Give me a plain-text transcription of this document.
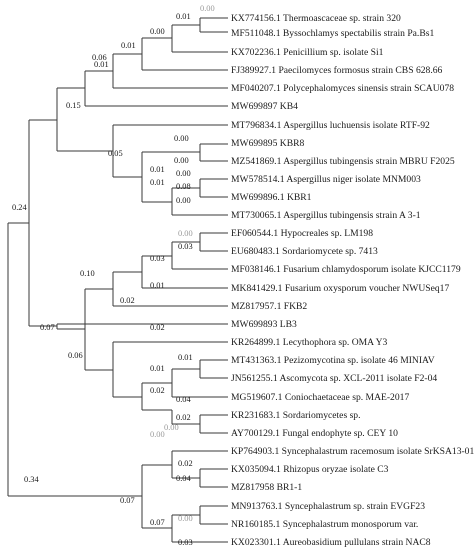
0.00
0.01
0.00
0.01
0.06
0.01
0.15
0.00
0.00
0.01
0.05
0.00
0.08
0.00
0.01
0.24
0.00
0.03
0.03
0.10
0.01
0.02
0.07	0.02
0.06	0.01
0.01
0.04
0.02
0.02
0.00
0.00
0.34
0.02
0.04
0.07
0.00
0.07
0.03
KX774156.1 Thermoascaceae sp. strain 320
MF511048.1 Byssochlamys spectabilis strain Pa.Bs1
KX702236.1 Penicillium sp. isolate Si1
FJ389927.1 Paecilomyces formosus strain CBS 628.66
MF040207.1 Polycephalomyces sinensis strain SCAU078
MW699897 KB4
MT796834.1 Aspergillus luchuensis isolate RTF-92
MW699895 KBR8
MZ541869.1 Aspergillus tubingensis strain MBRU F2025
MW578514.1 Aspergillus niger isolate MNM003
MW699896.1 KBR1
MT730065.1 Aspergillus tubingensis strain A 3-1
EF060544.1 Hypocreales sp. LM198
EU680483.1 Sordariomycete sp. 7413
MF038146.1 Fusarium chlamydosporum isolate KJCC1179
MK841429.1 Fusarium oxysporum voucher NWUSeq17
MZ817957.1 FKB2
MW699893 LB3
KR264899.1 Lecythophora sp. OMA Y3
MT431363.1 Pezizomycotina sp. isolate 46 MINIAV
JN561255.1 Ascomycota sp. XCL-2011 isolate F2-04
MG519607.1 Coniochaetaceae sp. MAE-2017
KR231683.1 Sordariomycetes sp.
AY700129.1 Fungal endophyte sp. CEY 10
KP764903.1 Syncephalastrum racemosum isolate SrKSA13-01
KX035094.1 Rhizopus oryzae isolate C3
MZ817958 BR1-1
MN913763.1 Syncephalastrum sp. strain EVGF23
NR160185.1 Syncephalastrum monosporum var.
KX023301.1 Aureobasidium pullulans strain NAC8
